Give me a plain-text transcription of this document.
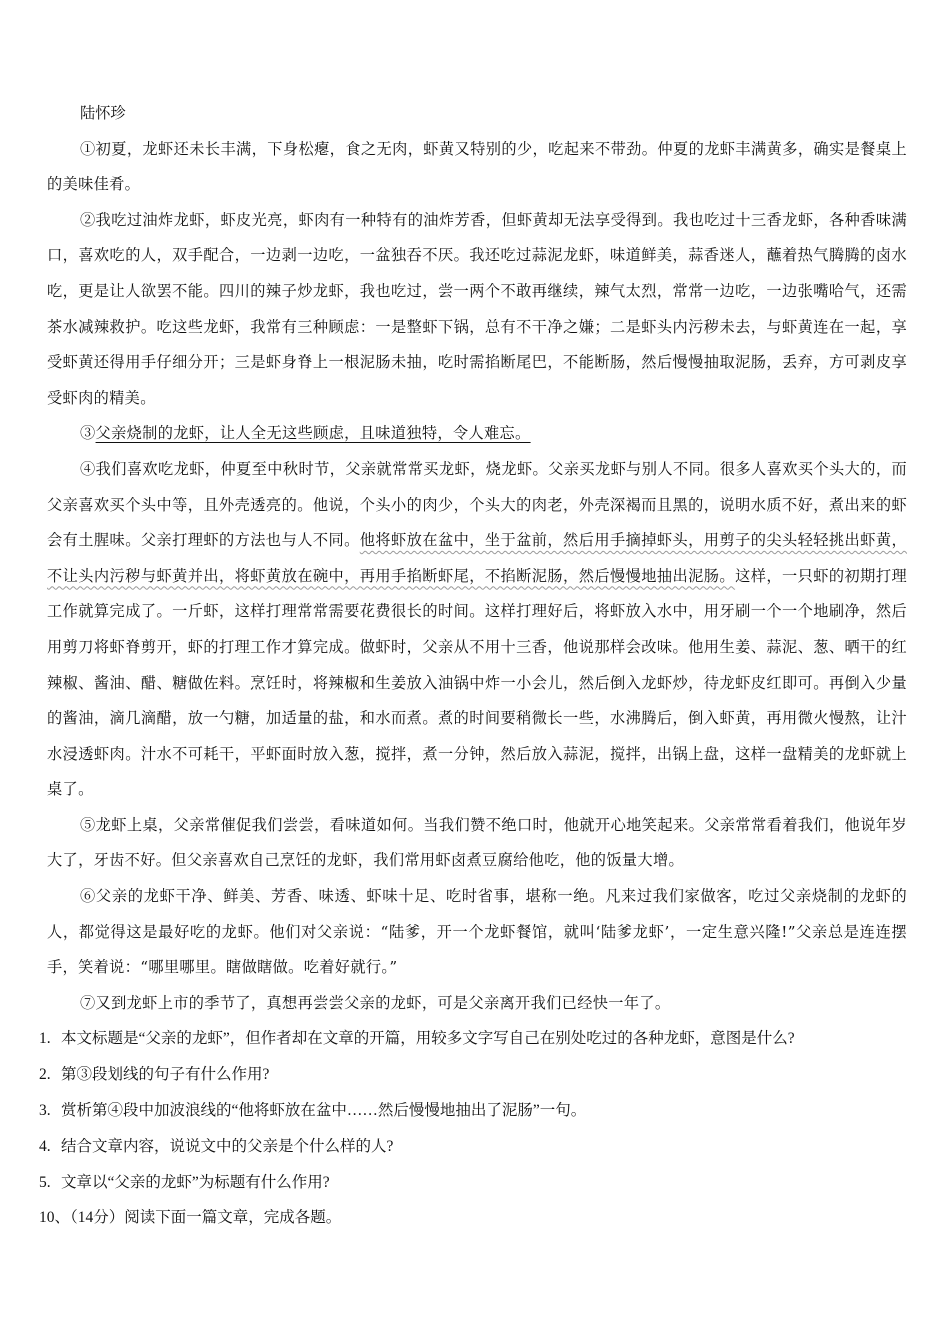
陆怀珍

①初夏，龙虾还未长丰满，下身松瘪，食之无肉，虾黄又特别的少，吃起来不带劲。仲夏的龙虾丰满黄多，确实是餐桌上的美味佳肴。

②我吃过油炸龙虾，虾皮光亮，虾肉有一种特有的油炸芳香，但虾黄却无法享受得到。我也吃过十三香龙虾，各种香味满口，喜欢吃的人，双手配合，一边剥一边吃，一盆独吞不厌。我还吃过蒜泥龙虾，味道鲜美，蒜香迷人，蘸着热气腾腾的卤水吃，更是让人欲罢不能。四川的辣子炒龙虾，我也吃过，尝一两个不敢再继续，辣气太烈，常常一边吃，一边张嘴哈气，还需茶水减辣救护。吃这些龙虾，我常有三种顾虑：一是整虾下锅，总有不干净之嫌；二是虾头内污秽未去，与虾黄连在一起，享受虾黄还得用手仔细分开；三是虾身脊上一根泥肠未抽，吃时需掐断尾巴，不能断肠，然后慢慢抽取泥肠，丢弃，方可剥皮享受虾肉的精美。

③父亲烧制的龙虾，让人全无这些顾虑，且味道独特，令人难忘。

④我们喜欢吃龙虾，仲夏至中秋时节，父亲就常常买龙虾，烧龙虾。父亲买龙虾与别人不同。很多人喜欢买个头大的，而父亲喜欢买个头中等，且外壳透亮的。他说，个头小的肉少，个头大的肉老，外壳深褐而且黑的，说明水质不好，煮出来的虾会有土腥味。父亲打理虾的方法也与人不同。他将虾放在盆中，坐于盆前，然后用手摘掉虾头，用剪子的尖头轻轻挑出虾黄，不让头内污秽与虾黄并出，将虾黄放在碗中，再用手掐断虾尾，不掐断泥肠，然后慢慢地抽出泥肠。这样，一只虾的初期打理工作就算完成了。一斤虾，这样打理常常需要花费很长的时间。这样打理好后，将虾放入水中，用牙刷一个一个地刷净，然后用剪刀将虾脊剪开，虾的打理工作才算完成。做虾时，父亲从不用十三香，他说那样会改味。他用生姜、蒜泥、葱、晒干的红辣椒、酱油、醋、糖做佐料。烹饪时，将辣椒和生姜放入油锅中炸一小会儿，然后倒入龙虾炒，待龙虾皮红即可。再倒入少量的酱油，滴几滴醋，放一勺糖，加适量的盐，和水而煮。煮的时间要稍微长一些，水沸腾后，倒入虾黄，再用微火慢熬，让汁水浸透虾肉。汁水不可耗干，平虾面时放入葱，搅拌，煮一分钟，然后放入蒜泥，搅拌，出锅上盘，这样一盘精美的龙虾就上桌了。

⑤龙虾上桌，父亲常催促我们尝尝，看味道如何。当我们赞不绝口时，他就开心地笑起来。父亲常常看着我们，他说年岁大了，牙齿不好。但父亲喜欢自己烹饪的龙虾，我们常用虾卤煮豆腐给他吃，他的饭量大增。

⑥父亲的龙虾干净、鲜美、芳香、味透、虾味十足、吃时省事，堪称一绝。凡来过我们家做客，吃过父亲烧制的龙虾的人，都觉得这是最好吃的龙虾。他们对父亲说：“陆爹，开一个龙虾餐馆，就叫‘陆爹龙虾’，一定生意兴隆!”父亲总是连连摆手，笑着说：“哪里哪里。瞎做瞎做。吃着好就行。”

⑦又到龙虾上市的季节了，真想再尝尝父亲的龙虾，可是父亲离开我们已经快一年了。

1. 本文标题是“父亲的龙虾”，但作者却在文章的开篇，用较多文字写自己在别处吃过的各种龙虾，意图是什么?

2. 第③段划线的句子有什么作用?

3. 赏析第④段中加波浪线的“他将虾放在盆中……然后慢慢地抽出了泥肠”一句。

4. 结合文章内容，说说文中的父亲是个什么样的人?

5. 文章以“父亲的龙虾”为标题有什么作用?

10、（14分）阅读下面一篇文章，完成各题。
